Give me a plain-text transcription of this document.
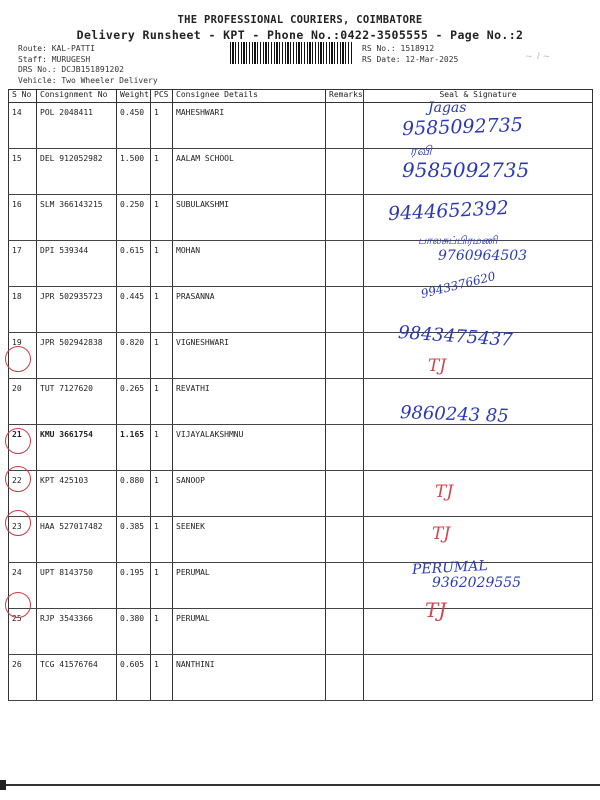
THE PROFESSIONAL COURIERS, COIMBATORE
Delivery Runsheet - KPT - Phone No.:0422-3505555 - Page No.:2
Route: KAL-PATTI
Staff: MURUGESH
DRS No.: DCJB151891202
Vehicle: Two Wheeler Delivery
RS No.: 1518912
RS Date: 12-Mar-2025	~ ⌇ ~
S No	Consignment No	Weight	PCS	Consignee Details	Remarks	Seal & Signature
14	POL 2048411	0.450	1	MAHESHWARI		
15	DEL 912052982	1.500	1	AALAM SCHOOL		
16	SLM 366143215	0.250	1	SUBULAKSHMI		
17	DPI 539344	0.615	1	MOHAN		
18	JPR 502935723	0.445	1	PRASANNA		
19	JPR 502942838	0.820	1	VIGNESHWARI		
20	TUT 7127620	0.265	1	REVATHI		
21	KMU 3661754	1.165	1	VIJAYALAKSHMNU		
22	KPT 425103	0.880	1	SANOOP		
23	HAA 527017482	0.385	1	SEENEK		
24	UPT 8143750	0.195	1	PERUMAL		
25	RJP 3543366	0.380	1	PERUMAL		
26	TCG 41576764	0.605	1	NANTHINI		
Jagas
9585092735
ரவி
9585092735
9444652392
பாலசுப்பிரமணி
9760964503
9943376620
9843475437
TJ
9860243 85
TJ
TJ
PERUMAL
9362029555
TJ
